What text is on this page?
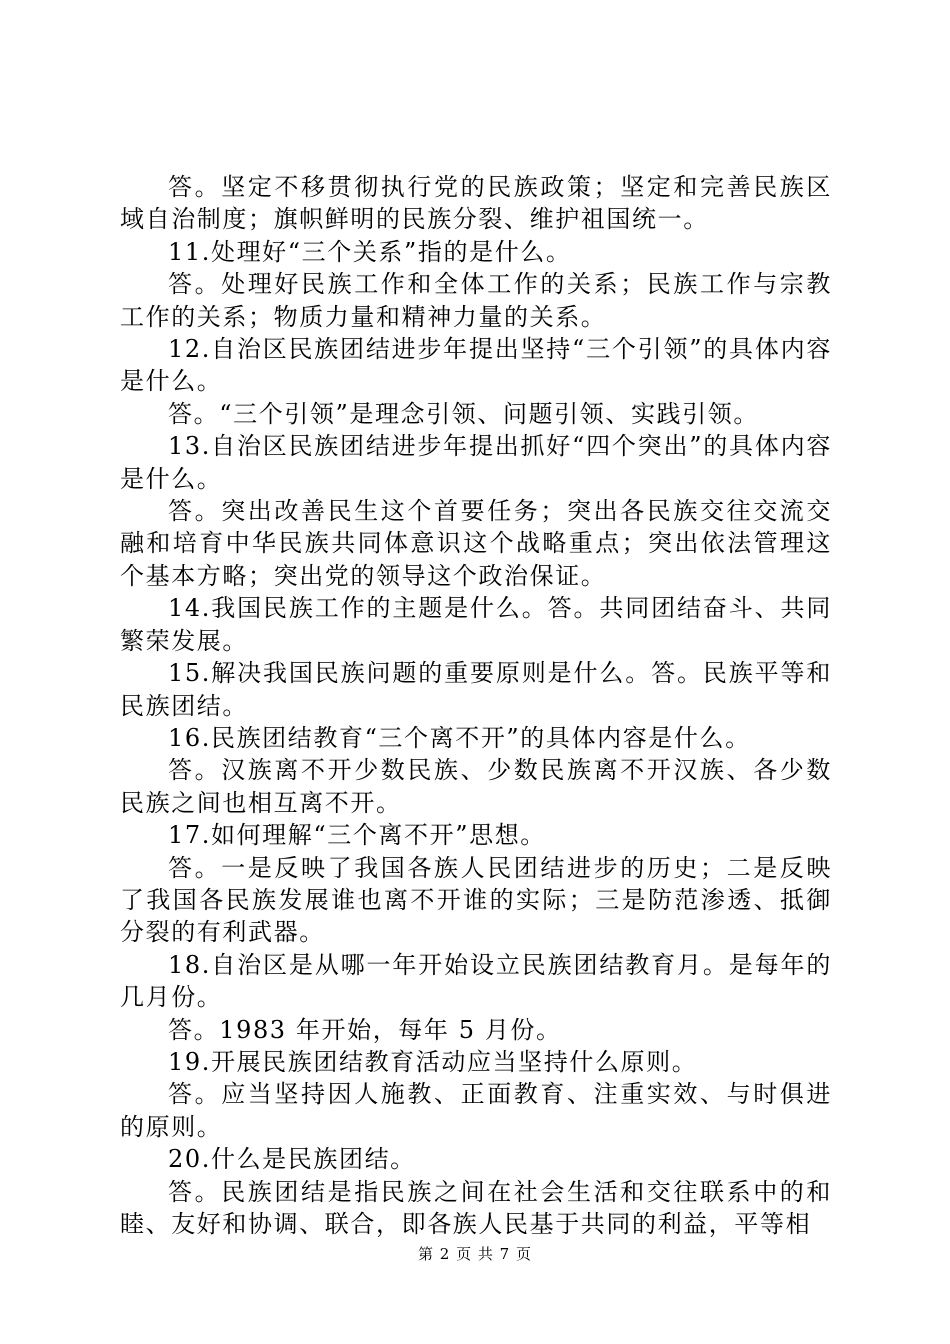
答。坚定不移贯彻执行党的民族政策；坚定和完善民族区域自治制度；旗帜鲜明的民族分裂、维护祖国统一。

11.处理好“三个关系”指的是什么。

答。处理好民族工作和全体工作的关系；民族工作与宗教工作的关系；物质力量和精神力量的关系。

12.自治区民族团结进步年提出坚持“三个引领”的具体内容是什么。

答。“三个引领”是理念引领、问题引领、实践引领。

13.自治区民族团结进步年提出抓好“四个突出”的具体内容是什么。

答。突出改善民生这个首要任务；突出各民族交往交流交融和培育中华民族共同体意识这个战略重点；突出依法管理这个基本方略；突出党的领导这个政治保证。

14.我国民族工作的主题是什么。答。共同团结奋斗、共同繁荣发展。

15.解决我国民族问题的重要原则是什么。答。民族平等和民族团结。

16.民族团结教育“三个离不开”的具体内容是什么。

答。汉族离不开少数民族、少数民族离不开汉族、各少数民族之间也相互离不开。

17.如何理解“三个离不开”思想。

答。一是反映了我国各族人民团结进步的历史；二是反映了我国各民族发展谁也离不开谁的实际；三是防范渗透、抵御分裂的有利武器。

18.自治区是从哪一年开始设立民族团结教育月。是每年的几月份。

答。1983 年开始，每年 5 月份。

19.开展民族团结教育活动应当坚持什么原则。

答。应当坚持因人施教、正面教育、注重实效、与时俱进的原则。

20.什么是民族团结。

答。民族团结是指民族之间在社会生活和交往联系中的和睦、友好和协调、联合，即各族人民基于共同的利益，平等相

第 2 页 共 7 页
